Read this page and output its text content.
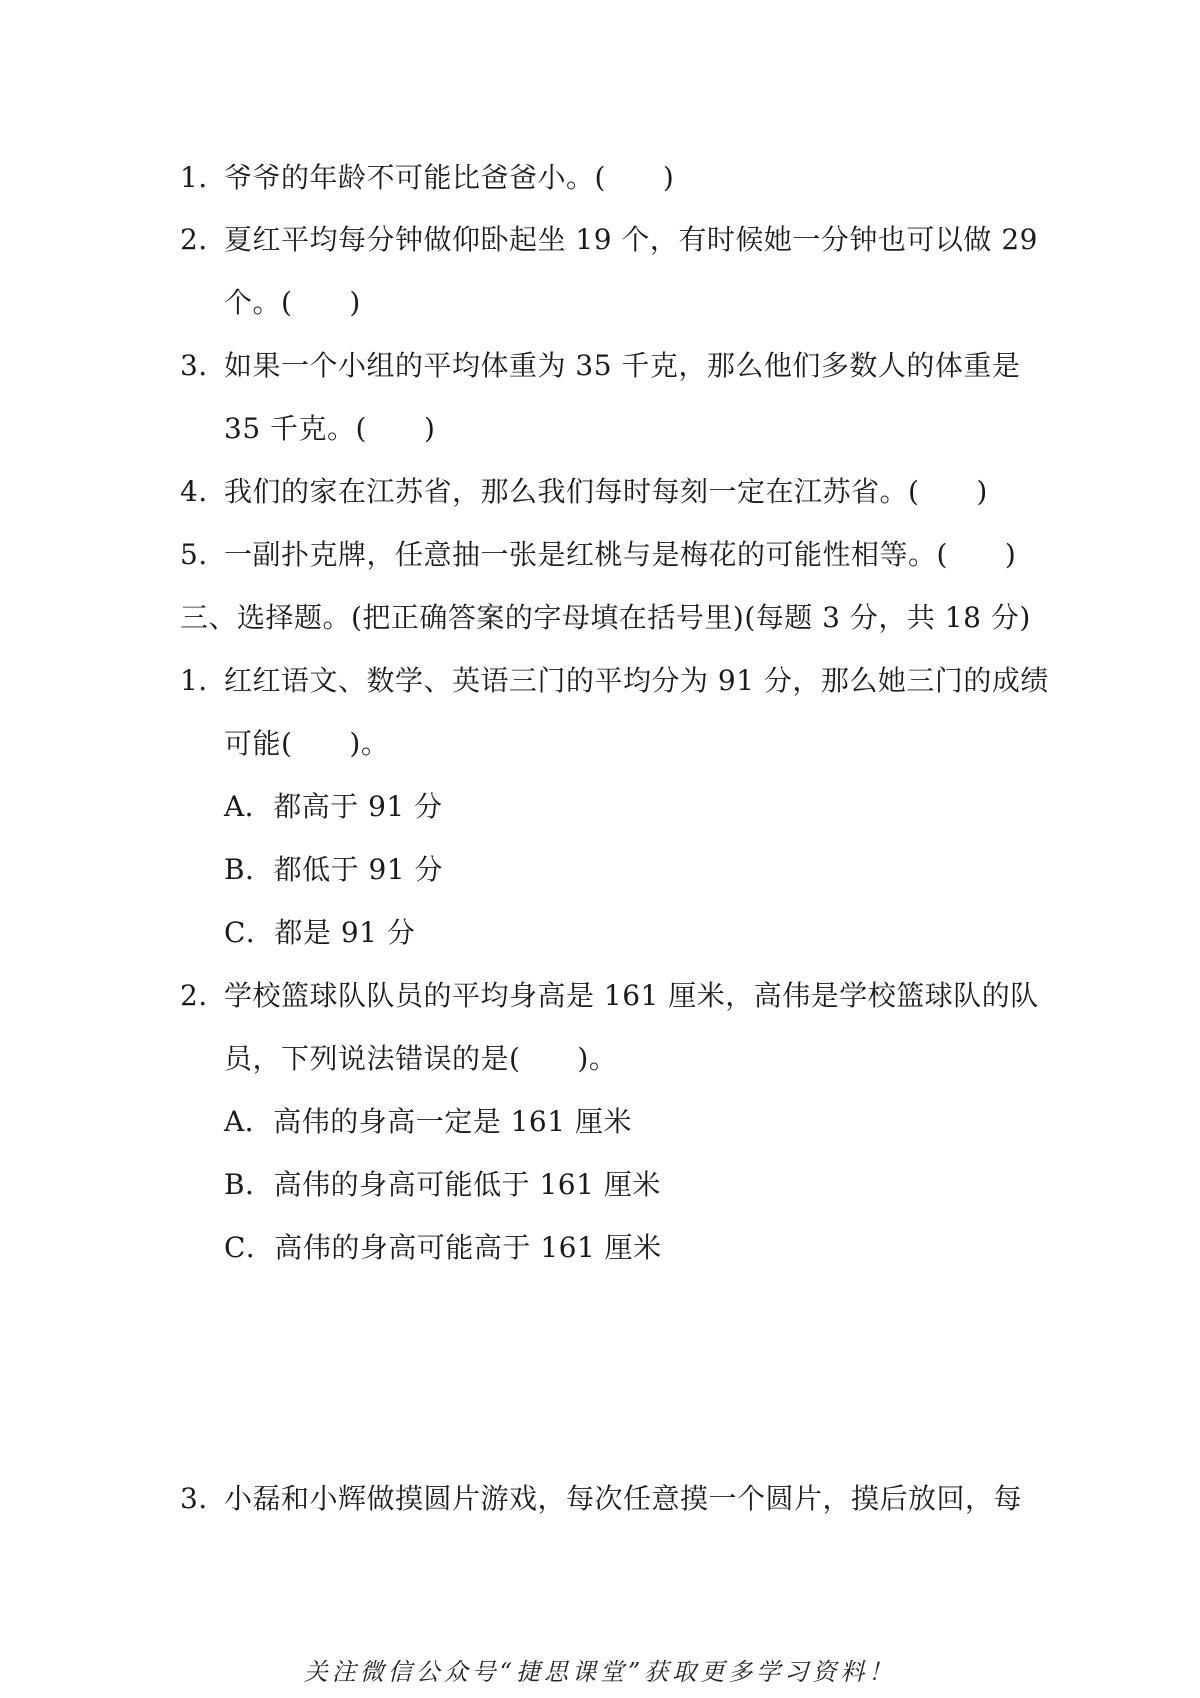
1．爷爷的年龄不可能比爸爸小。(　　)
2．夏红平均每分钟做仰卧起坐 19 个，有时候她一分钟也可以做 29
个。(　　)
3．如果一个小组的平均体重为 35 千克，那么他们多数人的体重是
35 千克。(　　)
4．我们的家在江苏省，那么我们每时每刻一定在江苏省。(　　)
5．一副扑克牌，任意抽一张是红桃与是梅花的可能性相等。(　　)
三、选择题。(把正确答案的字母填在括号里)(每题 3 分，共 18 分)
1．红红语文、数学、英语三门的平均分为 91 分，那么她三门的成绩
可能(　　)。
A．都高于 91 分
B．都低于 91 分
C．都是 91 分
2．学校篮球队队员的平均身高是 161 厘米，高伟是学校篮球队的队
员，下列说法错误的是(　　)。
A．高伟的身高一定是 161 厘米
B．高伟的身高可能低于 161 厘米
C．高伟的身高可能高于 161 厘米
3．小磊和小辉做摸圆片游戏，每次任意摸一个圆片，摸后放回，每
关注微信公众号“捷思课堂”获取更多学习资料！
